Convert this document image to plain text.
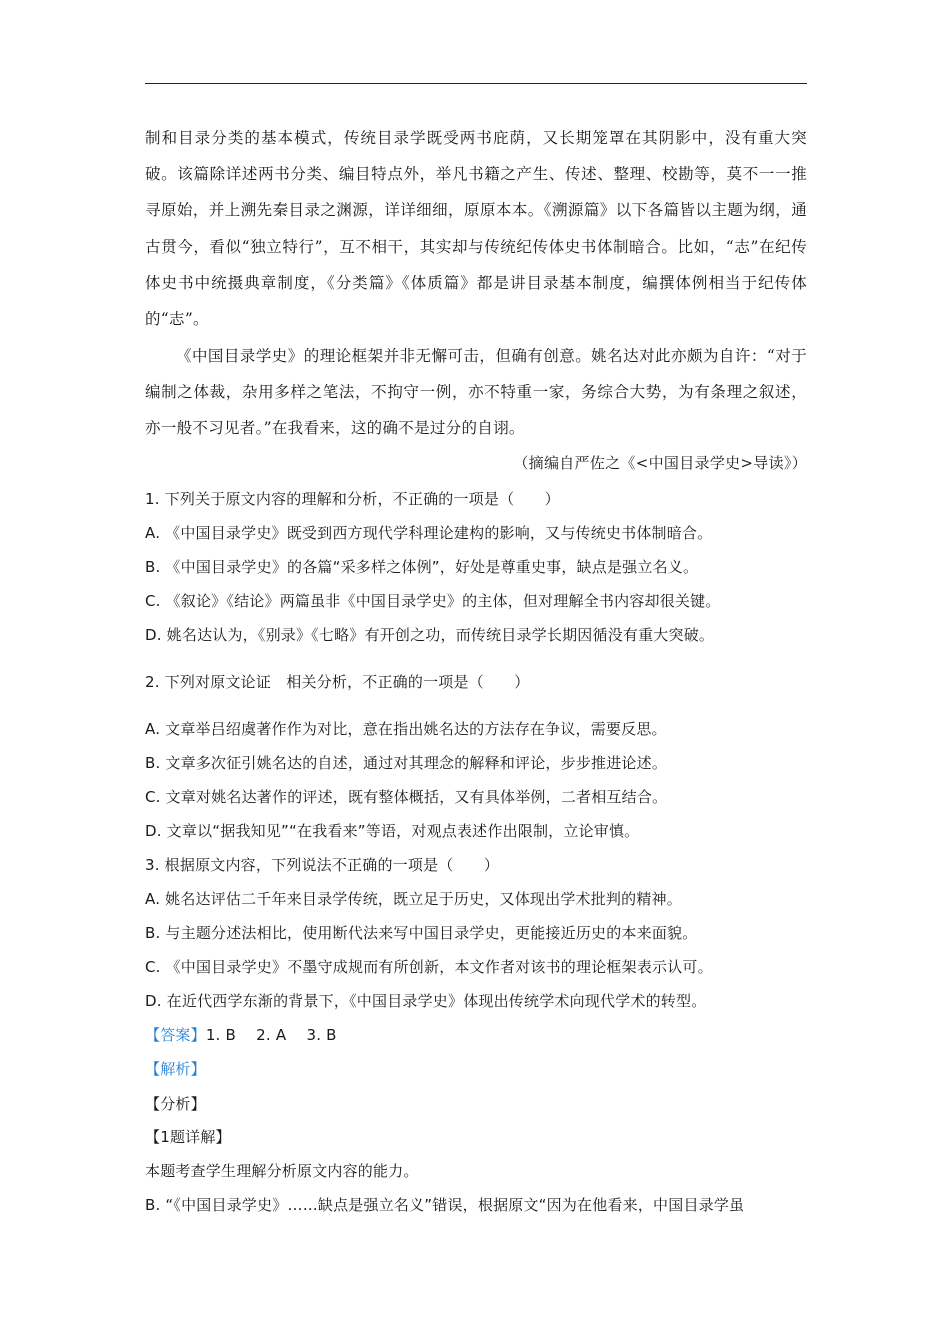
制和目录分类的基本模式，传统目录学既受两书庇荫，又长期笼罩在其阴影中，没有重大突破。该篇除详述两书分类、编目特点外，举凡书籍之产生、传述、整理、校勘等，莫不一一推寻原始，并上溯先秦目录之渊源，详详细细，原原本本。《溯源篇》以下各篇皆以主题为纲，通古贯今，看似“独立特行”，互不相干，其实却与传统纪传体史书体制暗合。比如，“志”在纪传体史书中统摄典章制度，《分类篇》《体质篇》都是讲目录基本制度，编撰体例相当于纪传体的“志”。

《中国目录学史》的理论框架并非无懈可击，但确有创意。姚名达对此亦颇为自许：“对于编制之体裁，杂用多样之笔法，不拘守一例，亦不特重一家，务综合大势，为有条理之叙述，亦一般不习见者。”在我看来，这的确不是过分的自诩。

（摘编自严佐之《<中国目录学史>导读》）
1. 下列关于原文内容的理解和分析，不正确的一项是（　　）
A. 《中国目录学史》既受到西方现代学科理论建构的影响，又与传统史书体制暗合。
B. 《中国目录学史》的各篇“采多样之体例”，好处是尊重史事，缺点是强立名义。
C. 《叙论》《结论》两篇虽非《中国目录学史》的主体，但对理解全书内容却很关键。
D. 姚名达认为，《别录》《七略》有开创之功，而传统目录学长期因循没有重大突破。
2. 下列对原文论证　相关分析，不正确的一项是（　　）
A. 文章举吕绍虞著作作为对比，意在指出姚名达的方法存在争议，需要反思。
B. 文章多次征引姚名达的自述，通过对其理念的解释和评论，步步推进论述。
C. 文章对姚名达著作的评述，既有整体概括，又有具体举例，二者相互结合。
D. 文章以“据我知见”“在我看来”等语，对观点表述作出限制，立论审慎。
3. 根据原文内容，下列说法不正确的一项是（　　）
A. 姚名达评估二千年来目录学传统，既立足于历史，又体现出学术批判的精神。
B. 与主题分述法相比，使用断代法来写中国目录学史，更能接近历史的本来面貌。
C. 《中国目录学史》不墨守成规而有所创新，本文作者对该书的理论框架表示认可。
D. 在近代西学东渐的背景下，《中国目录学史》体现出传统学术向现代学术的转型。
【答案】1. B　 2. A　 3. B
【解析】
【分析】
【1题详解】
本题考查学生理解分析原文内容的能力。
B. “《中国目录学史》……缺点是强立名义”错误，根据原文“因为在他看来，中国目录学虽
